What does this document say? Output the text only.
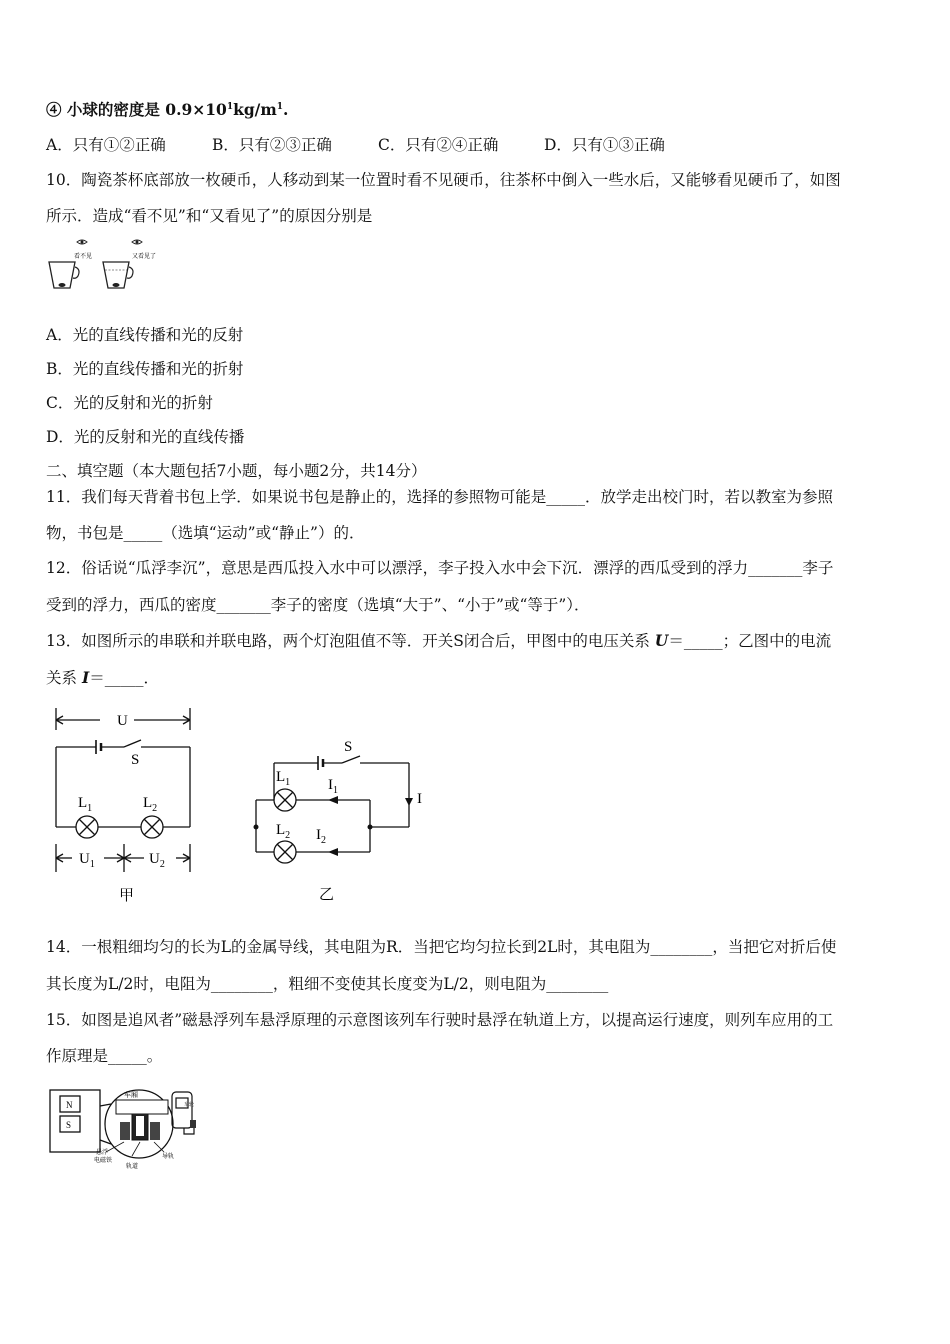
④ 小球的密度是 $0.9\times 10^1kg/m^1$.
A．只有①②正确	B．只有②③正确	C．只有②④正确	D．只有①③正确
10．陶瓷茶杯底部放一枚硬币，人移动到某一位置时看不见硬币，往茶杯中倒入一些水后，又能够看见硬币了，如图
所示．造成“看不见”和“又看见了”的原因分别是
看不见	又看见了
A．光的直线传播和光的反射
B．光的直线传播和光的折射
C．光的反射和光的折射
D．光的反射和光的直线传播
二、填空题（本大题包括7小题，每小题2分，共14分）
11．我们每天背着书包上学．如果说书包是静止的，选择的参照物可能是_____．放学走出校门时，若以教室为参照
物，书包是_____（选填“运动”或“静止”）的．
12．俗话说“瓜浮李沉”，意思是西瓜投入水中可以漂浮，李子投入水中会下沉．漂浮的西瓜受到的浮力_______李子
受到的浮力，西瓜的密度_______李子的密度（选填“大于”、“小于”或“等于”）．
13．如图所示的串联和并联电路，两个灯泡阻值不等．开关S闭合后，甲图中的电压关系 U＝_____；乙图中的电流
关系 I＝_____．
U
S
$L_1$	$L_2$
$U_1$	$U_2$
甲
S
$L_1$	$I_1$
$L_2$ $I_2$
I
乙
14．一根粗细均匀的长为L的金属导线，其电阻为R．当把它均匀拉长到2L时，其电阻为________，当把它对折后使
其长度为L/2时，电阻为________，粗细不变使其长度变为L/2，则电阻为________
15．如图是追风者”磁悬浮列车悬浮原理的示意图该列车行驶时悬浮在轨道上方，以提高运行速度，则列车应用的工
作原理是_____。
N
S
车厢
悬浮
电磁铁
轨道
导轨
车轮
